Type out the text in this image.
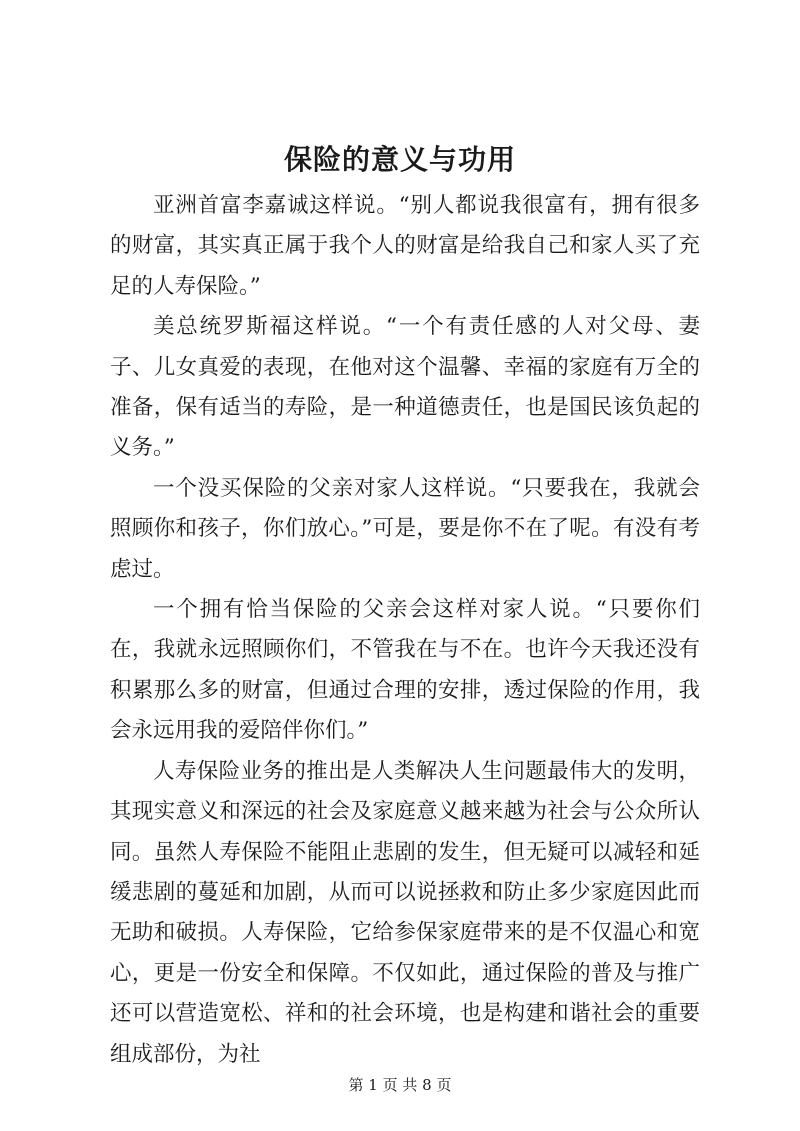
保险的意义与功用

亚洲首富李嘉诚这样说。“别人都说我很富有，拥有很多的财富，其实真正属于我个人的财富是给我自己和家人买了充足的人寿保险。”

美总统罗斯福这样说。“一个有责任感的人对父母、妻子、儿女真爱的表现，在他对这个温馨、幸福的家庭有万全的准备，保有适当的寿险，是一种道德责任，也是国民该负起的义务。”

一个没买保险的父亲对家人这样说。“只要我在，我就会照顾你和孩子，你们放心。”可是，要是你不在了呢。有没有考虑过。

一个拥有恰当保险的父亲会这样对家人说。“只要你们在，我就永远照顾你们，不管我在与不在。也许今天我还没有积累那么多的财富，但通过合理的安排，透过保险的作用，我会永远用我的爱陪伴你们。”

人寿保险业务的推出是人类解决人生问题最伟大的发明，其现实意义和深远的社会及家庭意义越来越为社会与公众所认同。虽然人寿保险不能阻止悲剧的发生，但无疑可以减轻和延缓悲剧的蔓延和加剧，从而可以说拯救和防止多少家庭因此而无助和破损。人寿保险，它给参保家庭带来的是不仅温心和宽心，更是一份安全和保障。不仅如此，通过保险的普及与推广还可以营造宽松、祥和的社会环境，也是构建和谐社会的重要组成部份，为社

第 1 页 共 8 页
